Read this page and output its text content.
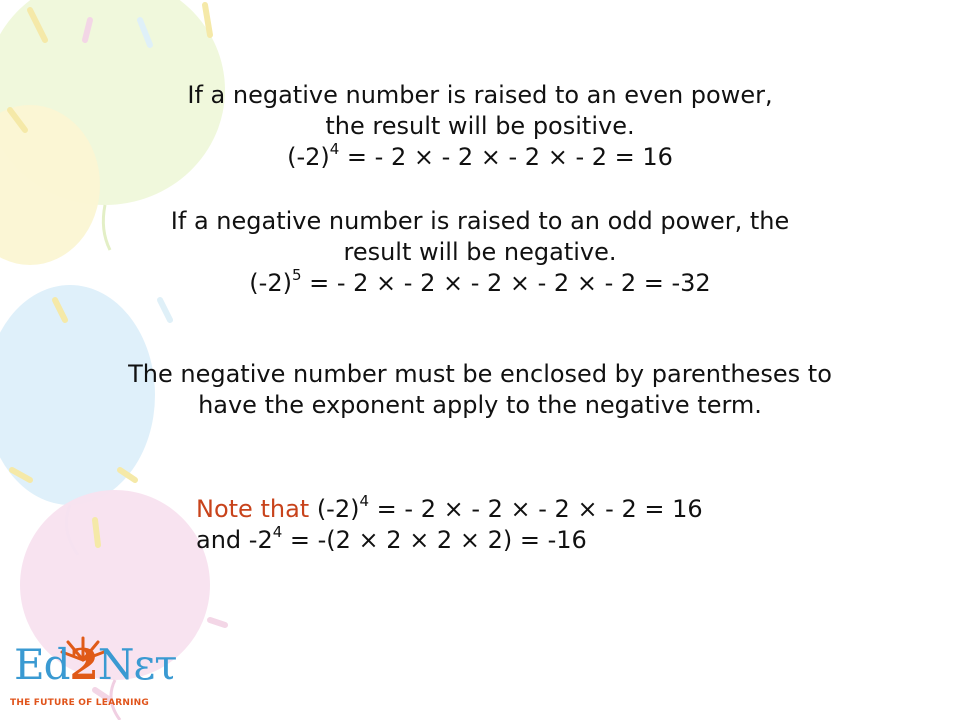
If a negative number is raised to an even power,
the result will be positive.
$(-2)^4$ = - 2 × - 2 × - 2 × - 2 = 16
If a negative number is raised to an odd power, the
result will be negative.
$(-2)^5$ = - 2 × - 2 × - 2 × - 2 × - 2 = -32
The negative number must be enclosed by parentheses to
have the exponent apply to the negative term.
Note that $(-2)^4$ = - 2 × - 2 × - 2 × - 2 = 16
and $-2^4 = -(2 \times 2 \times 2 \times 2) = -16$
Ed2Nετ
THE FUTURE OF LEARNING
